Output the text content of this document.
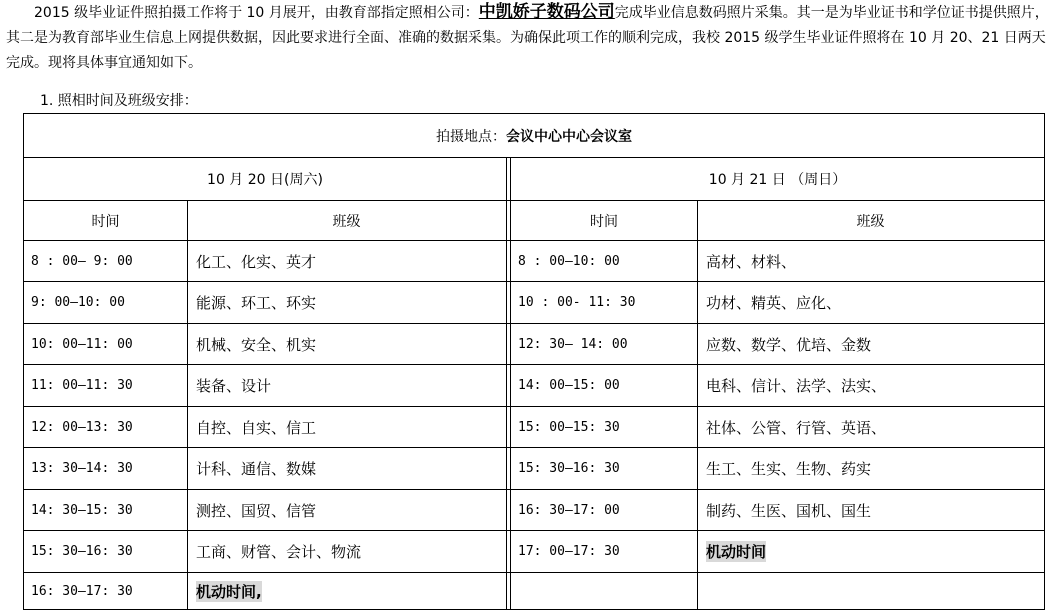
2015 级毕业证件照拍摄工作将于 10 月展开，由教育部指定照相公司：中凯娇子数码公司完成毕业信息数码照片采集。其一是为毕业证书和学位证书提供照片，其二是为教育部毕业生信息上网提供数据，因此要求进行全面、准确的数据采集。为确保此项工作的顺利完成，我校 2015 级学生毕业证件照将在 10 月 20、21 日两天完成。现将具体事宜通知如下。
1. 照相时间及班级安排：
拍摄地点： 会议中心中心会议室
10 月 20 日(周六)	10 月 21 日 （周日）
时间	班级	时间	班级
8 : 00— 9: 00	化工、化实、英才	8 : 00—10: 00	高材、材料、
9: 00—10: 00	能源、环工、环实	10 : 00- 11: 30	功材、精英、应化、
10: 00—11: 00	机械、安全、机实	12: 30— 14: 00	应数、数学、优培、金数
11: 00—11: 30	装备、设计	14: 00—15: 00	电科、信计、法学、法实、
12: 00—13: 30	自控、自实、信工	15: 00—15: 30	社体、公管、行管、英语、
13: 30—14: 30	计科、通信、数媒	15: 30—16: 30	生工、生实、生物、药实
14: 30—15: 30	测控、国贸、信管	16: 30—17: 00	制药、生医、国机、国生
15: 30—16: 30	工商、财管、会计、物流	17: 00—17: 30	机动时间
16: 30—17: 30	机动时间,
